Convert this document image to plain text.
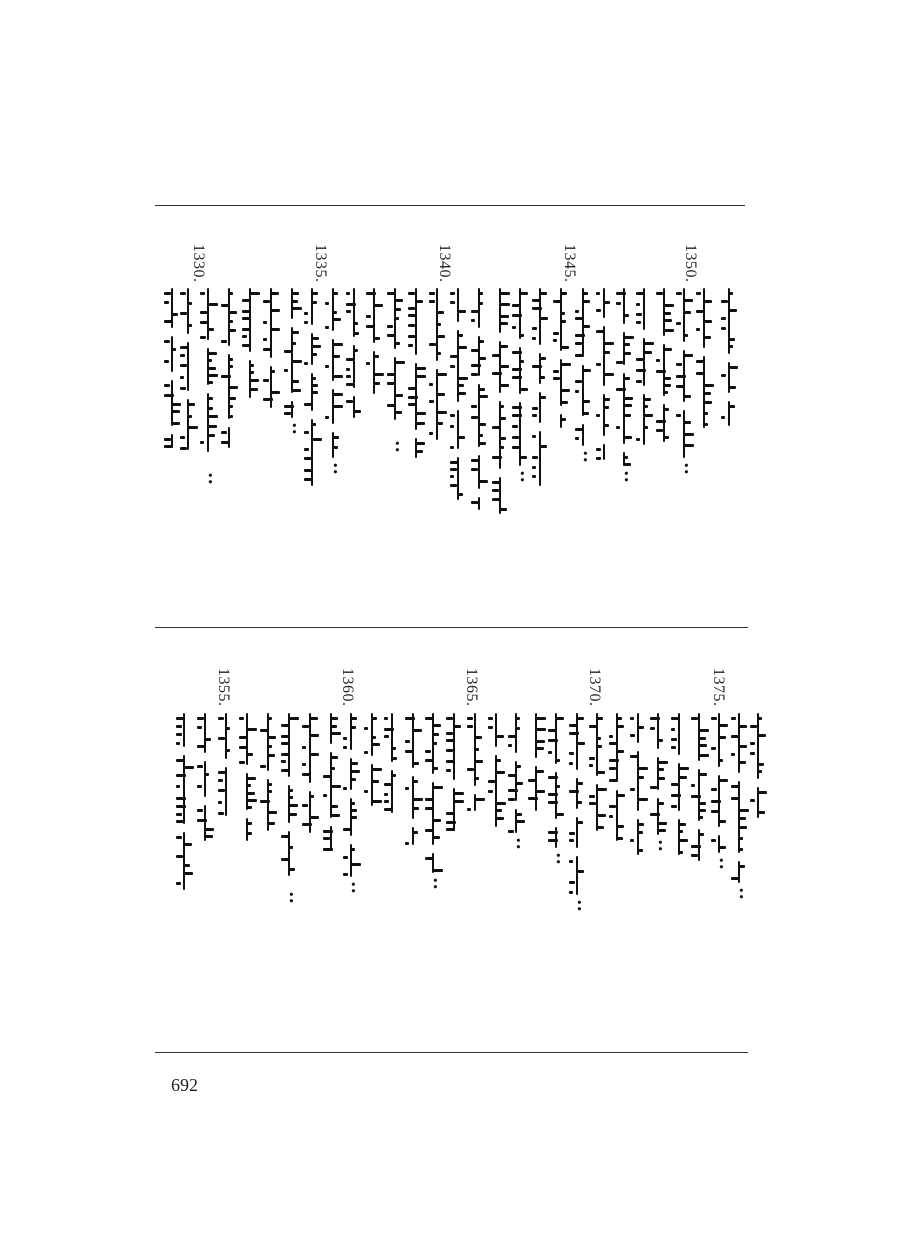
••
••
••
••
••
••
••
••
••
••
••
••
••
••
••
••
••
1350.
1345.
1340.
1335.
1330.
1375.
1370.
1365.
1360.
1355.
692
